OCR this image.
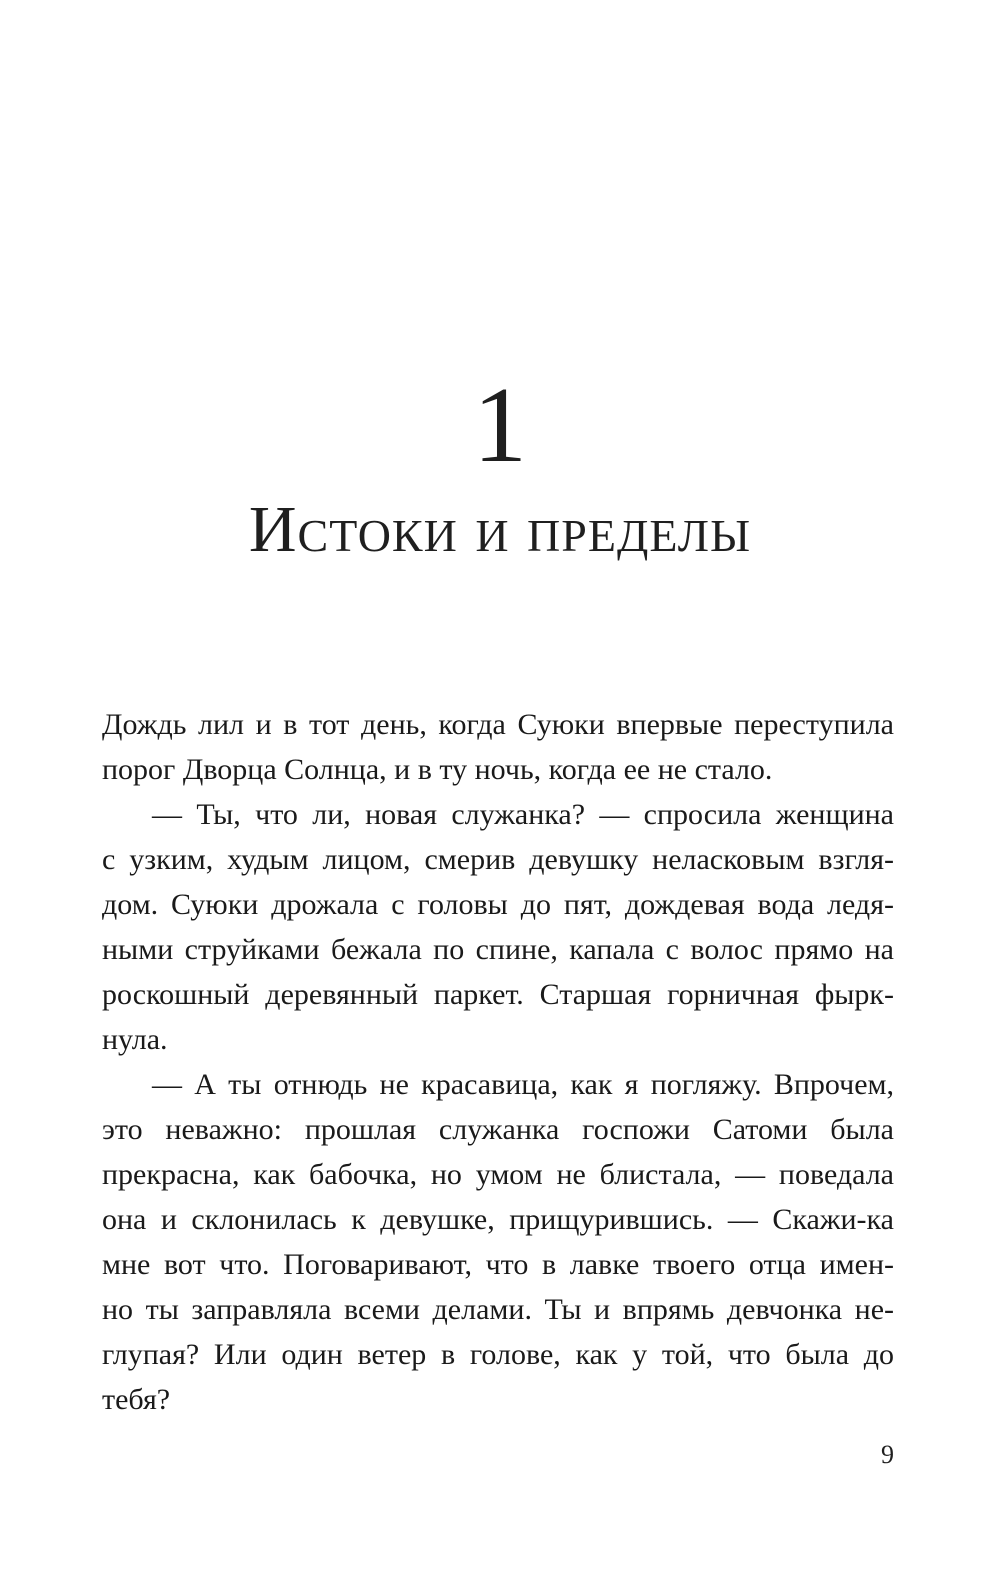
1
Истоки и пределы
Дождь лил и в тот день, когда Суюки впервые переступила
порог Дворца Солнца, и в ту ночь, когда ее не стало.
— Ты, что ли, новая служанка? — спросила женщина
с узким, худым лицом, смерив девушку неласковым взгля-
дом. Суюки дрожала с головы до пят, дождевая вода ледя-
ными струйками бежала по спине, капала с волос прямо на
роскошный деревянный паркет. Старшая горничная фырк-
нула.
— А ты отнюдь не красавица, как я погляжу. Впрочем,
это неважно: прошлая служанка госпожи Сатоми была
прекрасна, как бабочка, но умом не блистала, — поведала
она и склонилась к девушке, прищурившись. — Скажи-ка
мне вот что. Поговаривают, что в лавке твоего отца имен-
но ты заправляла всеми делами. Ты и впрямь девчонка не-
глупая? Или один ветер в голове, как у той, что была до
тебя?
9
